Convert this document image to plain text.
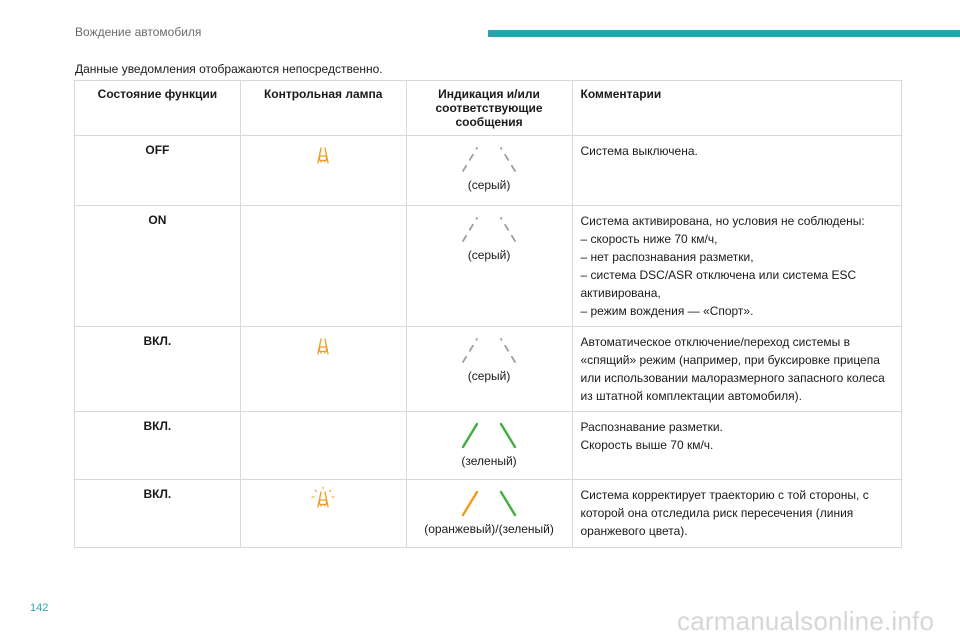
Вождение автомобиля
Данные уведомления отображаются непосредственно.
Состояние функции	Контрольная лампа	Индикация и/или соответствующие сообщения	Комментарии
OFF		(серый)	Система выключена.

ON		(серый)	Система активирована, но условия не соблюдены:
– скорость ниже 70 км/ч,
– нет распознавания разметки,
– система DSC/ASR отключена или система ESC активирована,
– режим вождения — «Спорт».

ВКЛ.		(серый)	Автоматическое отключение/переход системы в «спящий» режим (например, при буксировке прицепа или использовании малоразмерного запасного колеса из штатной комплектации автомобиля).

ВКЛ.		(зеленый)	Распознавание разметки.
Скорость выше 70 км/ч.

ВКЛ.		(оранжевый)/(зеленый)	Система корректирует траекторию с той стороны, с которой она отследила риск пересечения (линия оранжевого цвета).
142	carmanualsonline.info
